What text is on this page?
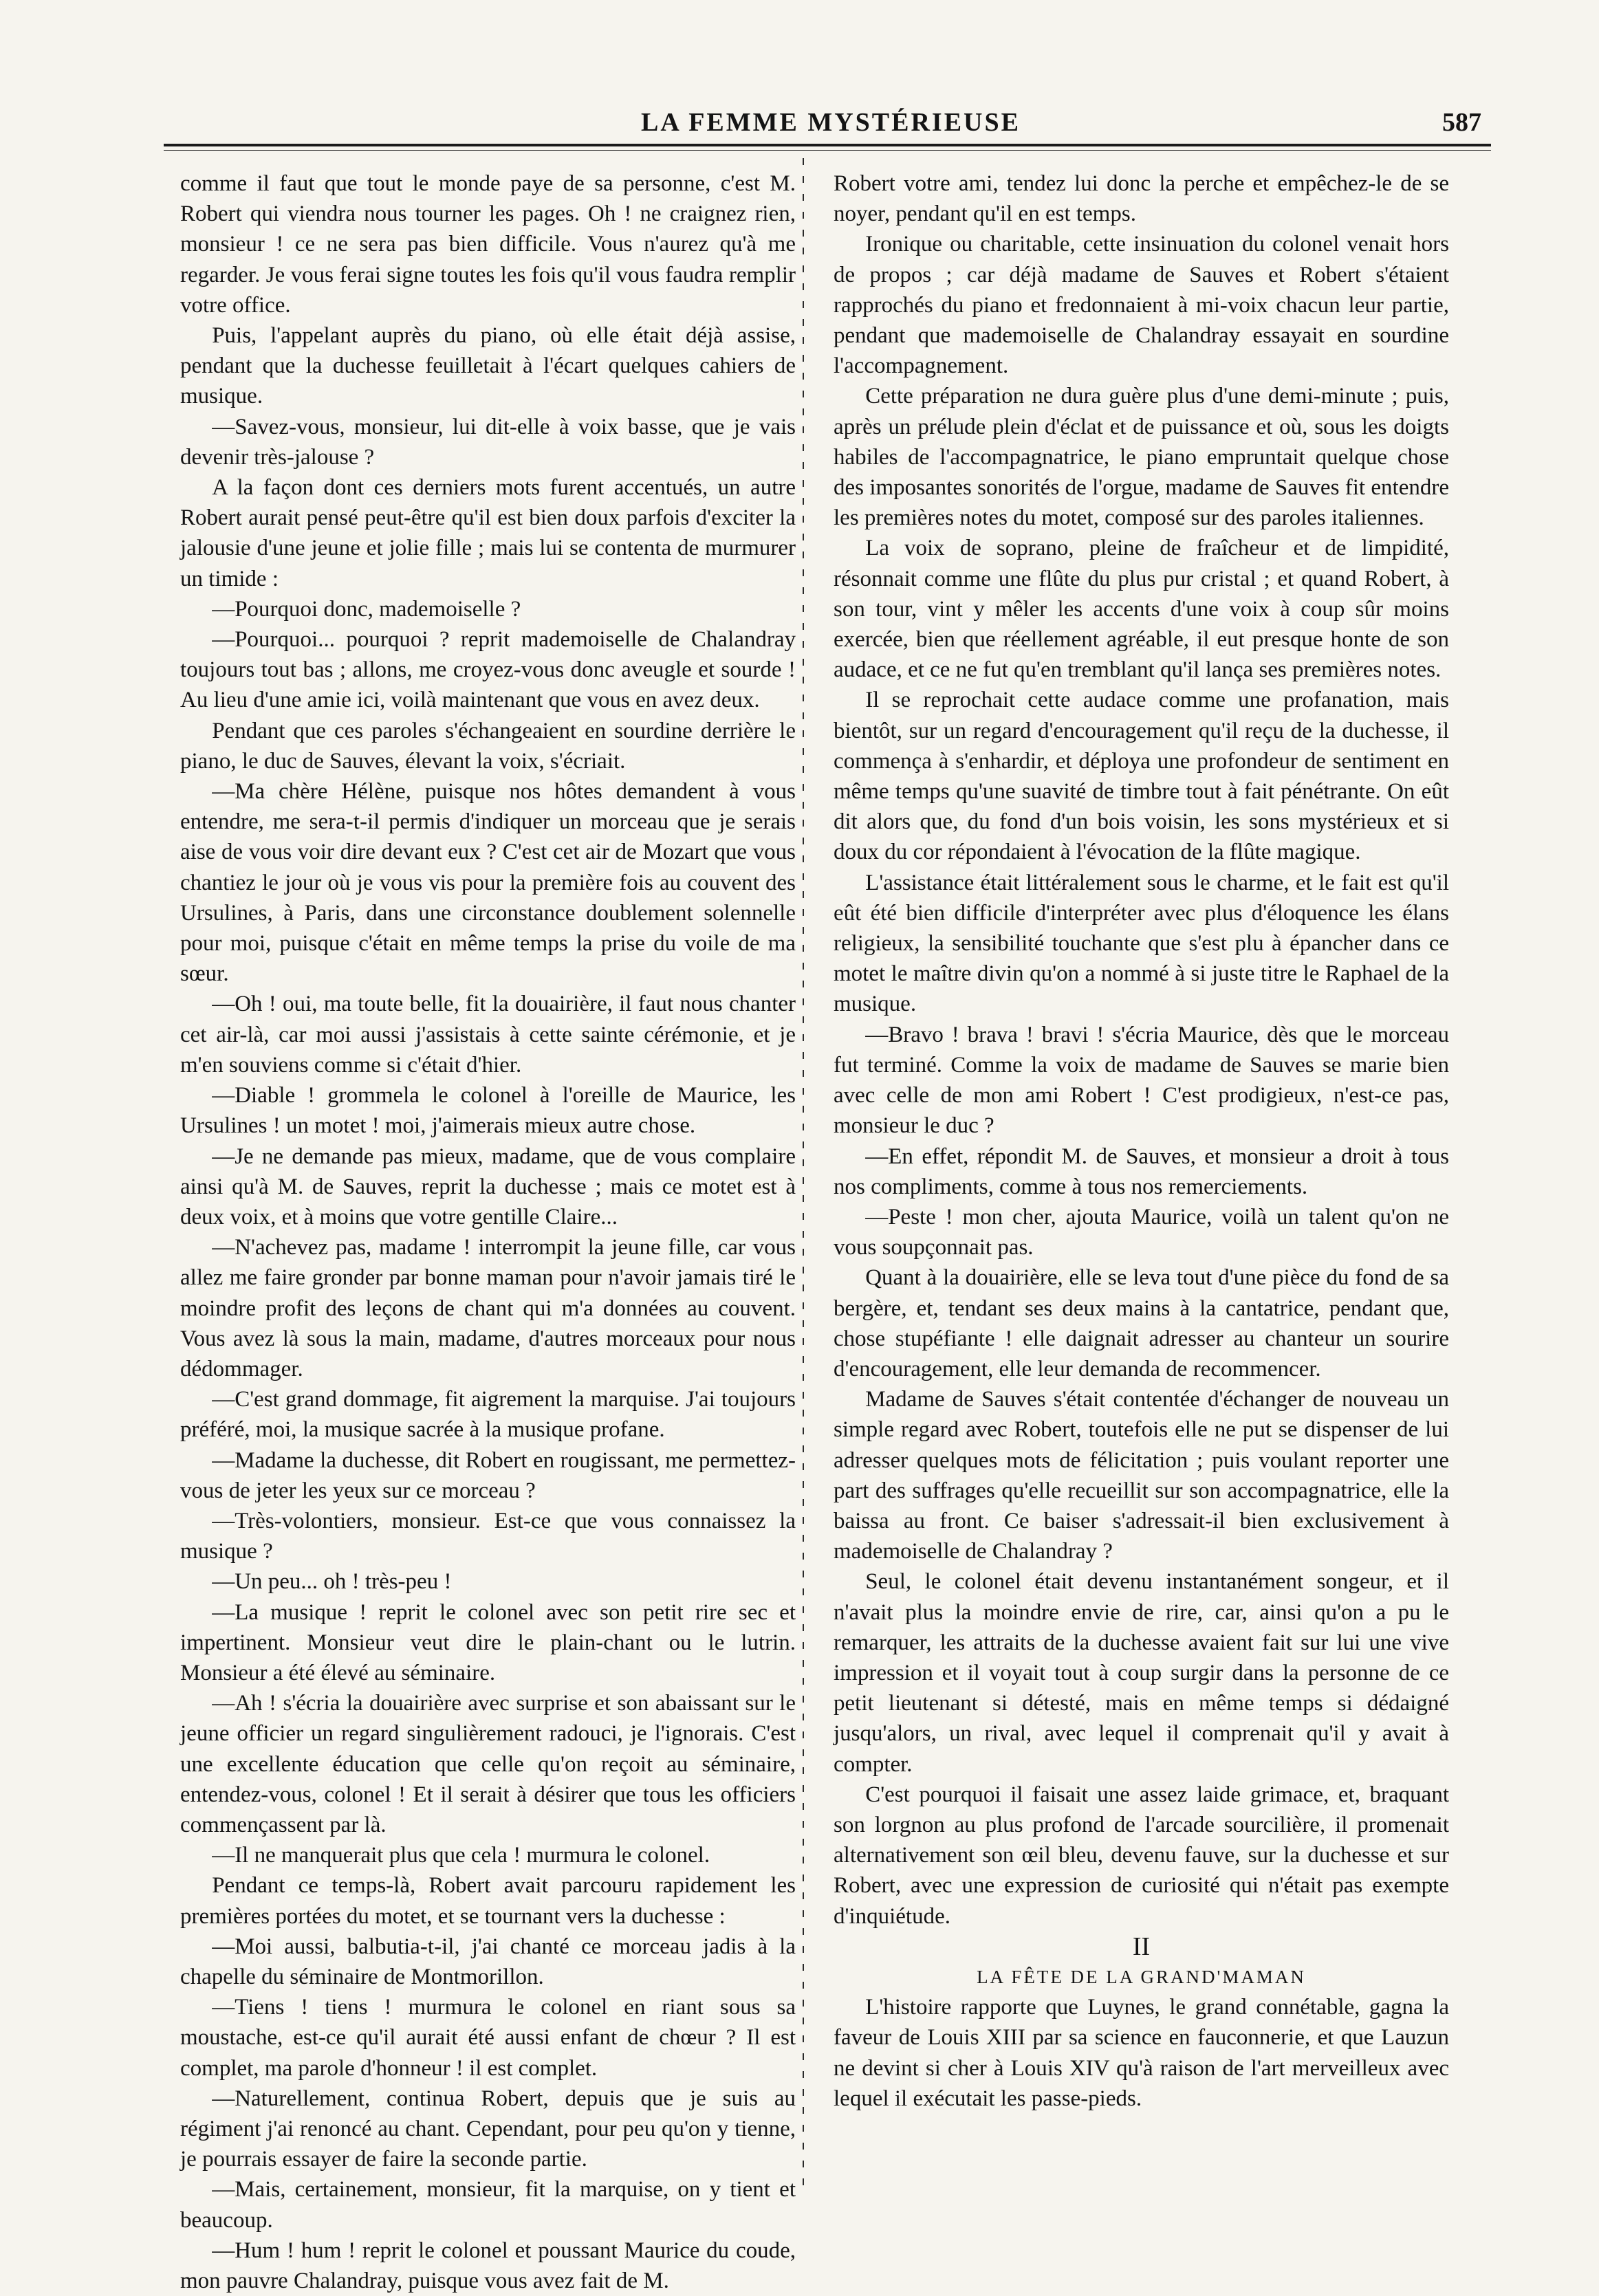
LA FEMME MYSTÉRIEUSE	587

comme il faut que tout le monde paye de sa personne, c'est M. Robert qui viendra nous tourner les pages. Oh ! ne craignez rien, monsieur ! ce ne sera pas bien difficile. Vous n'aurez qu'à me regarder. Je vous ferai signe toutes les fois qu'il vous faudra remplir votre office.

Puis, l'appelant auprès du piano, où elle était déjà assise, pendant que la duchesse feuilletait à l'écart quelques cahiers de musique.

—Savez-vous, monsieur, lui dit-elle à voix basse, que je vais devenir très-jalouse ?

A la façon dont ces derniers mots furent accentués, un autre Robert aurait pensé peut-être qu'il est bien doux parfois d'exciter la jalousie d'une jeune et jolie fille ; mais lui se contenta de murmurer un timide :

—Pourquoi donc, mademoiselle ?

—Pourquoi... pourquoi ? reprit mademoiselle de Chalandray toujours tout bas ; allons, me croyez-vous donc aveugle et sourde ! Au lieu d'une amie ici, voilà maintenant que vous en avez deux.

Pendant que ces paroles s'échangeaient en sourdine derrière le piano, le duc de Sauves, élevant la voix, s'écriait.

—Ma chère Hélène, puisque nos hôtes demandent à vous entendre, me sera-t-il permis d'indiquer un morceau que je serais aise de vous voir dire devant eux ? C'est cet air de Mozart que vous chantiez le jour où je vous vis pour la première fois au couvent des Ursulines, à Paris, dans une circonstance doublement solennelle pour moi, puisque c'était en même temps la prise du voile de ma sœur.

—Oh ! oui, ma toute belle, fit la douairière, il faut nous chanter cet air-là, car moi aussi j'assistais à cette sainte cérémonie, et je m'en souviens comme si c'était d'hier.

—Diable ! grommela le colonel à l'oreille de Maurice, les Ursulines ! un motet ! moi, j'aimerais mieux autre chose.

—Je ne demande pas mieux, madame, que de vous complaire ainsi qu'à M. de Sauves, reprit la duchesse ; mais ce motet est à deux voix, et à moins que votre gentille Claire...

—N'achevez pas, madame ! interrompit la jeune fille, car vous allez me faire gronder par bonne maman pour n'avoir jamais tiré le moindre profit des leçons de chant qui m'a données au couvent. Vous avez là sous la main, madame, d'autres morceaux pour nous dédommager.

—C'est grand dommage, fit aigrement la marquise. J'ai toujours préféré, moi, la musique sacrée à la musique profane.

—Madame la duchesse, dit Robert en rougissant, me permettez-vous de jeter les yeux sur ce morceau ?

—Très-volontiers, monsieur. Est-ce que vous connaissez la musique ?

—Un peu... oh ! très-peu !

—La musique ! reprit le colonel avec son petit rire sec et impertinent. Monsieur veut dire le plain-chant ou le lutrin. Monsieur a été élevé au séminaire.

—Ah ! s'écria la douairière avec surprise et son abaissant sur le jeune officier un regard singulièrement radouci, je l'ignorais. C'est une excellente éducation que celle qu'on reçoit au séminaire, entendez-vous, colonel ! Et il serait à désirer que tous les officiers commençassent par là.

—Il ne manquerait plus que cela ! murmura le colonel.

Pendant ce temps-là, Robert avait parcouru rapidement les premières portées du motet, et se tournant vers la duchesse :

—Moi aussi, balbutia-t-il, j'ai chanté ce morceau jadis à la chapelle du séminaire de Montmorillon.

—Tiens ! tiens ! murmura le colonel en riant sous sa moustache, est-ce qu'il aurait été aussi enfant de chœur ? Il est complet, ma parole d'honneur ! il est complet.

—Naturellement, continua Robert, depuis que je suis au régiment j'ai renoncé au chant. Cependant, pour peu qu'on y tienne, je pourrais essayer de faire la seconde partie.

—Mais, certainement, monsieur, fit la marquise, on y tient et beaucoup.

—Hum ! hum ! reprit le colonel et poussant Maurice du coude, mon pauvre Chalandray, puisque vous avez fait de M.

Robert votre ami, tendez lui donc la perche et empêchez-le de se noyer, pendant qu'il en est temps.

Ironique ou charitable, cette insinuation du colonel venait hors de propos ; car déjà madame de Sauves et Robert s'étaient rapprochés du piano et fredonnaient à mi-voix chacun leur partie, pendant que mademoiselle de Chalandray essayait en sourdine l'accompagnement.

Cette préparation ne dura guère plus d'une demi-minute ; puis, après un prélude plein d'éclat et de puissance et où, sous les doigts habiles de l'accompagnatrice, le piano empruntait quelque chose des imposantes sonorités de l'orgue, madame de Sauves fit entendre les premières notes du motet, composé sur des paroles italiennes.

La voix de soprano, pleine de fraîcheur et de limpidité, résonnait comme une flûte du plus pur cristal ; et quand Robert, à son tour, vint y mêler les accents d'une voix à coup sûr moins exercée, bien que réellement agréable, il eut presque honte de son audace, et ce ne fut qu'en tremblant qu'il lança ses premières notes.

Il se reprochait cette audace comme une profanation, mais bientôt, sur un regard d'encouragement qu'il reçu de la duchesse, il commença à s'enhardir, et déploya une profondeur de sentiment en même temps qu'une suavité de timbre tout à fait pénétrante. On eût dit alors que, du fond d'un bois voisin, les sons mystérieux et si doux du cor répondaient à l'évocation de la flûte magique.

L'assistance était littéralement sous le charme, et le fait est qu'il eût été bien difficile d'interpréter avec plus d'éloquence les élans religieux, la sensibilité touchante que s'est plu à épancher dans ce motet le maître divin qu'on a nommé à si juste titre le Raphael de la musique.

—Bravo ! brava ! bravi ! s'écria Maurice, dès que le morceau fut terminé. Comme la voix de madame de Sauves se marie bien avec celle de mon ami Robert ! C'est prodigieux, n'est-ce pas, monsieur le duc ?

—En effet, répondit M. de Sauves, et monsieur a droit à tous nos compliments, comme à tous nos remerciements.

—Peste ! mon cher, ajouta Maurice, voilà un talent qu'on ne vous soupçonnait pas.

Quant à la douairière, elle se leva tout d'une pièce du fond de sa bergère, et, tendant ses deux mains à la cantatrice, pendant que, chose stupéfiante ! elle daignait adresser au chanteur un sourire d'encouragement, elle leur demanda de recommencer.

Madame de Sauves s'était contentée d'échanger de nouveau un simple regard avec Robert, toutefois elle ne put se dispenser de lui adresser quelques mots de félicitation ; puis voulant reporter une part des suffrages qu'elle recueillit sur son accompagnatrice, elle la baissa au front. Ce baiser s'adressait-il bien exclusivement à mademoiselle de Chalandray ?

Seul, le colonel était devenu instantanément songeur, et il n'avait plus la moindre envie de rire, car, ainsi qu'on a pu le remarquer, les attraits de la duchesse avaient fait sur lui une vive impression et il voyait tout à coup surgir dans la personne de ce petit lieutenant si détesté, mais en même temps si dédaigné jusqu'alors, un rival, avec lequel il comprenait qu'il y avait à compter.

C'est pourquoi il faisait une assez laide grimace, et, braquant son lorgnon au plus profond de l'arcade sourcilière, il promenait alternativement son œil bleu, devenu fauve, sur la duchesse et sur Robert, avec une expression de curiosité qui n'était pas exempte d'inquiétude.

II

LA FÊTE DE LA GRAND'MAMAN

L'histoire rapporte que Luynes, le grand connétable, gagna la faveur de Louis XIII par sa science en fauconnerie, et que Lauzun ne devint si cher à Louis XIV qu'à raison de l'art merveilleux avec lequel il exécutait les passe-pieds.
